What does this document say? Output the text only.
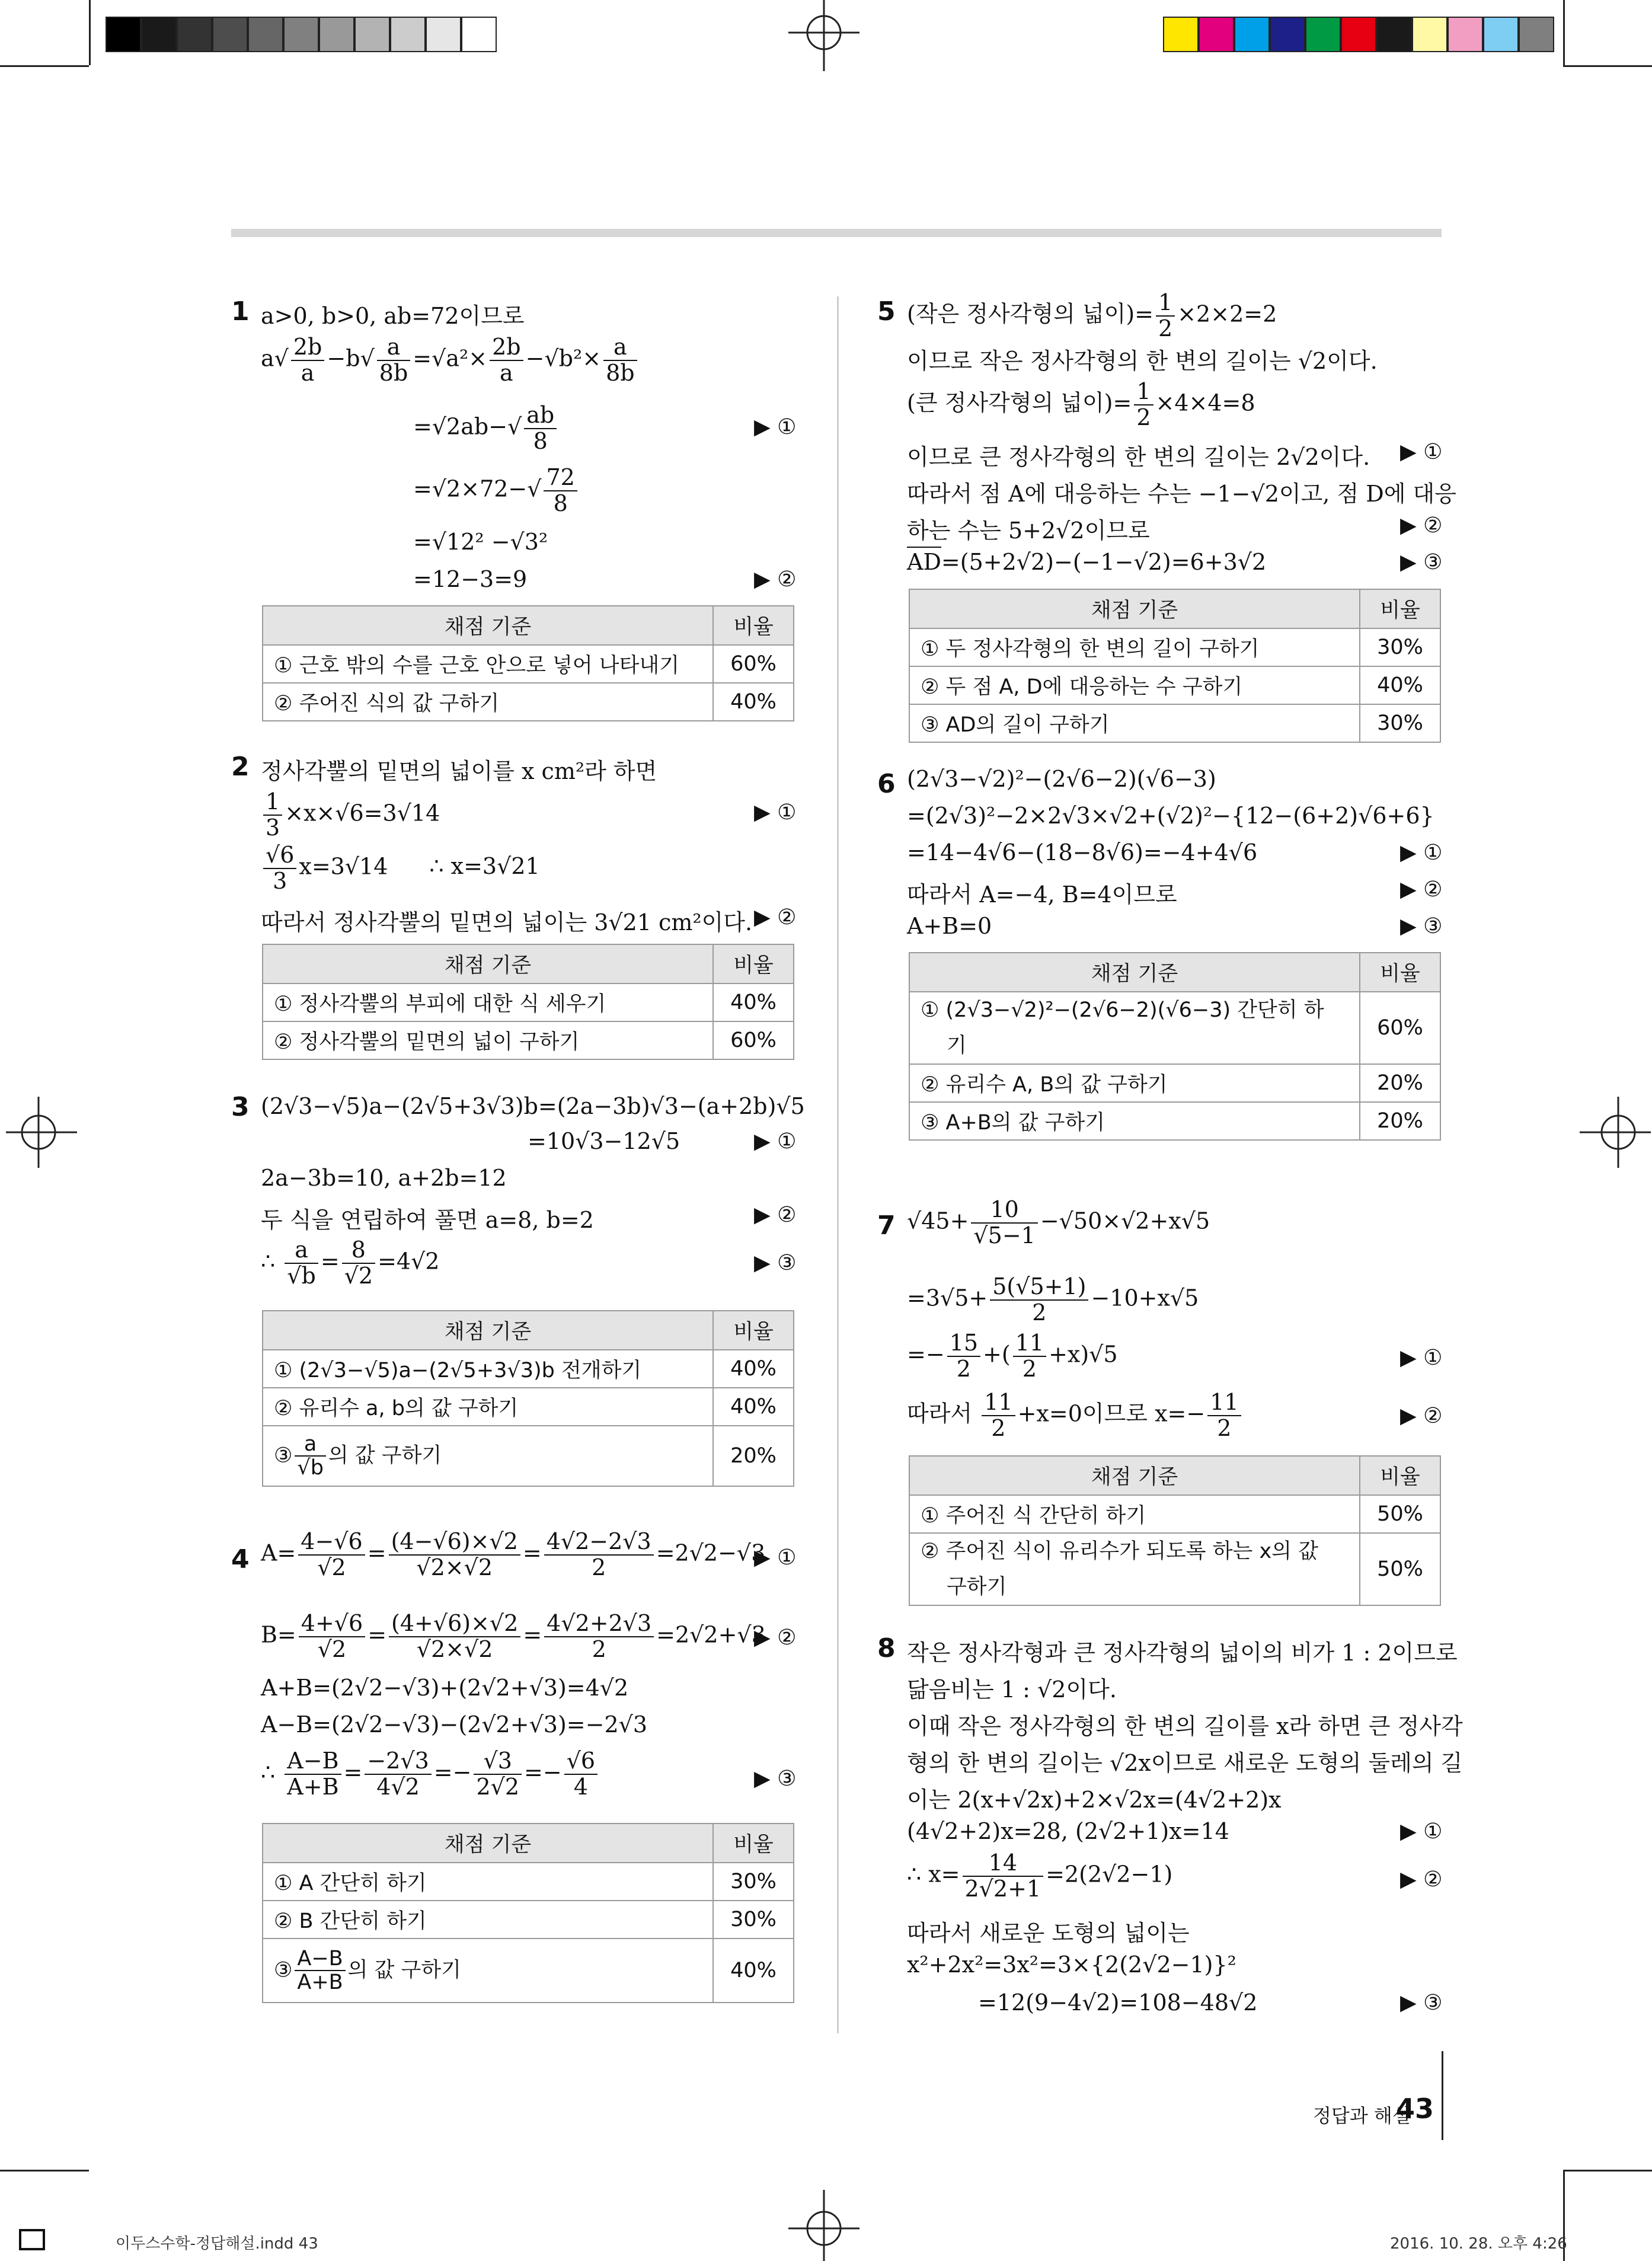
1 a>0, b>0, ab=72이므로
$a√ \frac{2b}{a} -b√ \frac{a}{8b} =√a^2\times \frac{2b}{a} -√b^2\times \frac{a}{8b}$
$=√2ab-√ \frac{ab}{8}$	▶ ①
$=√2\times 72-√ \frac{72}{8}$
=√12² −√3²
=12−3=9	▶ ②
채점 기준	비율
① 근호 밖의 수를 근호 안으로 넣어 나타내기	60%
② 주어진 식의 값 구하기	40%
2 정사각뿔의 밑면의 넓이를 x cm²라 하면
$\frac{1}{3} \times x\times√6=3√14$	▶ ①
$\frac{√6}{3} x=3√14$ ∴ x=3√21
따라서 정사각뿔의 밑면의 넓이는 3√21 cm²이다. ▶ ②
채점 기준	비율
① 정사각뿔의 부피에 대한 식 세우기	40%
② 정사각뿔의 밑면의 넓이 구하기	60%
3 (2√3−√5)a−(2√5+3√3)b=(2a−3b)√3−(a+2b)√5
=10√3−12√5	▶ ①
2a−3b=10, a+2b=12
두 식을 연립하여 풀면 a=8, b=2	▶ ②
∴ $\frac{a}{√b} = \frac{8}{√2} =4√2$	▶ ③
채점 기준	비율
① (2√3−√5)a−(2√5+3√3)b 전개하기	40%
② 유리수 a, b의 값 구하기	40%
③ $\frac{a}{√b}$ 의 값 구하기	20%
4 $A= \frac{4-√6}{√2} = \frac{(4-√6)\times√2}{√2\times√2} = \frac{4√2-2√3}{2} =2√2-√3$
▶ ①
$B= \frac{4+√6}{√2} = \frac{(4+√6)\times√2}{√2\times√2} = \frac{4√2+2√3}{2} =2√2+√3$
▶ ②
A+B=(2√2−√3)+(2√2+√3)=4√2
A−B=(2√2−√3)−(2√2+√3)=−2√3
∴ $\frac{A-B}{A+B} = \frac{-2√3}{4√2} =- \frac{√3}{2√2} =- \frac{√6}{4}$	▶ ③
채점 기준	비율
① A 간단히 하기	30%
② B 간단히 하기	30%
③ $\frac{A-B}{A+B}$ 의 값 구하기	40%
5 (작은 정사각형의 넓이)= $\frac{1}{2} \times 2\times 2=2$
이므로 작은 정사각형의 한 변의 길이는 √2이다.
(큰 정사각형의 넓이)= $\frac{1}{2} \times 4\times 4=8$
이므로 큰 정사각형의 한 변의 길이는 2√2이다. ▶ ①
따라서 점 A에 대응하는 수는 −1−√2이고, 점 D에 대응
하는 수는 5+2√2이므로	▶ ②
AD=(5+2√2)−(−1−√2)=6+3√2	▶ ③
채점 기준	비율
① 두 정사각형의 한 변의 길이 구하기	30%
② 두 점 A, D에 대응하는 수 구하기	40%
③ AD의 길이 구하기	30%
6 (2√3−√2)²−(2√6−2)(√6−3)
=(2√3)²−2×2√3×√2+(√2)²−{12−(6+2)√6+6}
=14−4√6−(18−8√6)=−4+4√6	▶ ①
따라서 A=−4, B=4이므로	▶ ②
A+B=0	▶ ③
채점 기준	비율
① (2√3−√2)²−(2√6−2)(√6−3) 간단히 하
기	60%
② 유리수 A, B의 값 구하기	20%
③ A+B의 값 구하기	20%
7 $√45+ \frac{10}{√5-1} -√50\times√2+x√5$
$=3√5+ \frac{5(√5+1)}{2} -10+x√5$
=− $\frac{15}{2}$ +( $\frac{11}{2} +x)√5$	▶ ①
따라서 $\frac{11}{2} +x=0$이므로 $x=- \frac{11}{2}$	▶ ②
채점 기준	비율
① 주어진 식 간단히 하기	50%
② 주어진 식이 유리수가 되도록 하는 x의 값
구하기	50%
8 작은 정사각형과 큰 정사각형의 넓이의 비가 1 : 2이므로
닮음비는 1 : √2이다.
이때 작은 정사각형의 한 변의 길이를 x라 하면 큰 정사각
형의 한 변의 길이는 √2x이므로 새로운 도형의 둘레의 길
이는 2(x+√2x)+2×√2x=(4√2+2)x
(4√2+2)x=28, (2√2+1)x=14	▶ ①
∴ $x= \frac{14}{2√2+1} =2(2√2-1)$	▶ ②
따라서 새로운 도형의 넓이는
x²+2x²=3x²=3×{2(2√2−1)}²
=12(9−4√2)=108−48√2	▶ ③
정답과 해설
43
이두스수학-정답해설.indd 43	2016. 10. 28. 오후 4:26
